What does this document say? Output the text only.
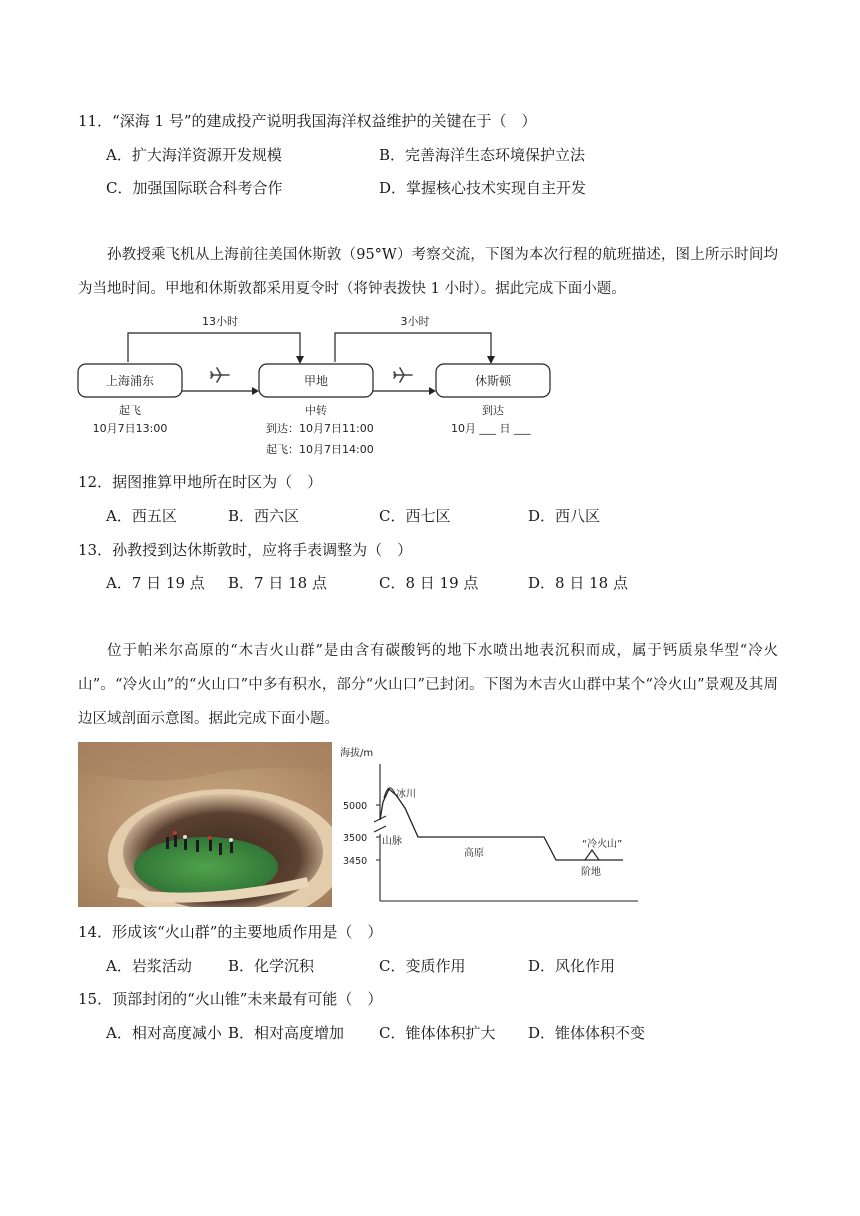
11．“深海 1 号”的建成投产说明我国海洋权益维护的关键在于（　）
A．扩大海洋资源开发规模	B．完善海洋生态环境保护立法
C．加强国际联合科考合作	D．掌握核心技术实现自主开发
孙教授乘飞机从上海前往美国休斯敦（95°W）考察交流，下图为本次行程的航班描述，图上所示时间均为当地时间。甲地和休斯敦都采用夏令时（将钟表拨快 1 小时）。据此完成下面小题。
13小时	3小时
上海浦东	甲地	休斯顿
起飞
10月7日13:00
中转
到达：10月7日11:00
起飞：10月7日14:00
到达
10月 ___ 日 ___
12．据图推算甲地所在时区为（　）
A．西五区	B．西六区	C．西七区	D．西八区
13．孙教授到达休斯敦时，应将手表调整为（　）
A．7 日 19 点 B．7 日 18 点	C．8 日 19 点	D．8 日 18 点
位于帕米尔高原的“木吉火山群”是由含有碳酸钙的地下水喷出地表沉积而成，属于钙质泉华型“冷火山”。“冷火山”的“火山口”中多有积水，部分“火山口”已封闭。下图为木吉火山群中某个“冷火山”景观及其周边区域剖面示意图。据此完成下面小题。
海拔/m
5000
3500
3450
冰川
山脉
高原
“冷火山”
阶地
14．形成该“火山群”的主要地质作用是（　）
A．岩浆活动 B．化学沉积	C．变质作用	D．风化作用
15．顶部封闭的“火山锥”未来最有可能（　）
A．相对高度减小 B．相对高度增加 C．锥体体积扩大 D．锥体体积不变
